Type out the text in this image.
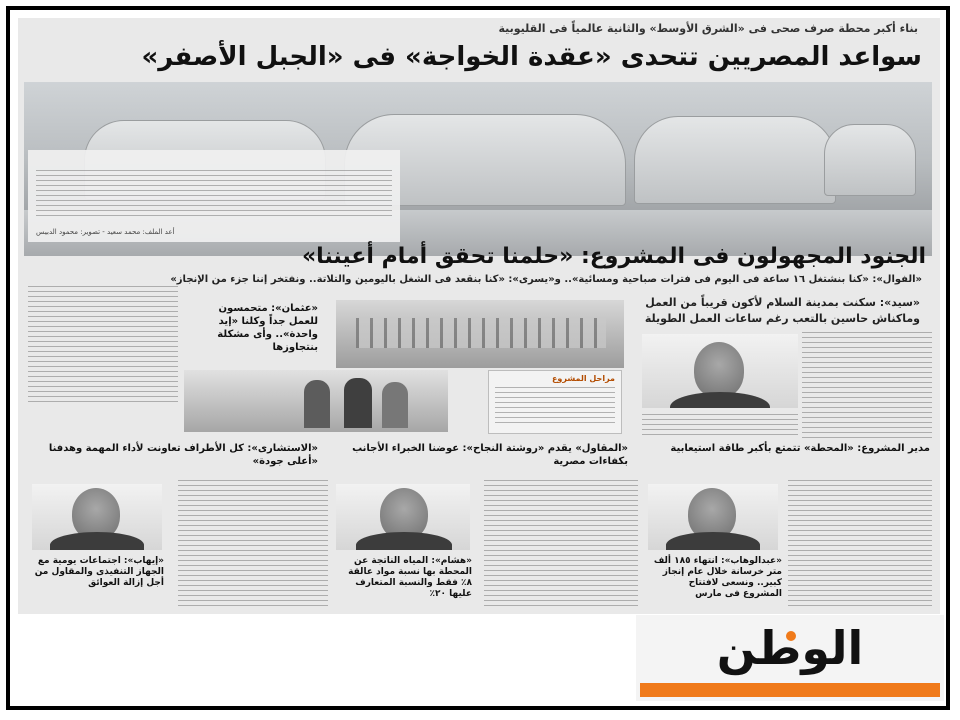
بناء أكبر محطة صرف صحى فى «الشرق الأوسط» والثانية عالمياً فى القليوبية
سواعد المصريين تتحدى «عقدة الخواجة» فى «الجبل الأصفر»
أعد الملف: محمد سعيد - تصوير: محمود الدبيس
الجنود المجهولون فى المشروع: «حلمنا تحقق أمام أعيننا»
«الفوال»: «كنا بنشتغل ١٦ ساعة فى اليوم فى فترات صباحية ومسائية».. و«يسرى»: «كنا بنقعد فى الشغل باليومين والتلاتة.. ونفتخر إننا جزء من الإنجاز»
«سيد»: سكنت بمدينة السلام لأكون قريباً من العمل
وماكناش حاسين بالتعب رغم ساعات العمل الطويلة
«عثمان»: متحمسون للعمل جداً وكلنا «إيد واحدة».. وأى مشكلة بنتجاوزها
مراحل المشروع
مدير المشروع: «المحطة» تتمتع بأكبر طاقة استيعابية
«المقاول» يقدم «روشتة النجاح»: عوضنا الخبراء الأجانب بكفاءات مصرية
«الاستشارى»: كل الأطراف تعاونت لأداء المهمة وهدفنا «أعلى جودة»
«عبدالوهاب»: انتهاء ١٨٥ ألف متر خرسانة خلال عام إنجاز كبير.. ونسعى لافتتاح المشروع فى مارس
«هشام»: المياه الناتجة عن المحطة بها نسبة مواد عالقة ٨٪ فقط والنسبة المتعارف عليها ٢٠٪
«إيهاب»: اجتماعات يومية مع الجهاز التنفيذى والمقاول من أجل إزالة العوائق
الوطن
